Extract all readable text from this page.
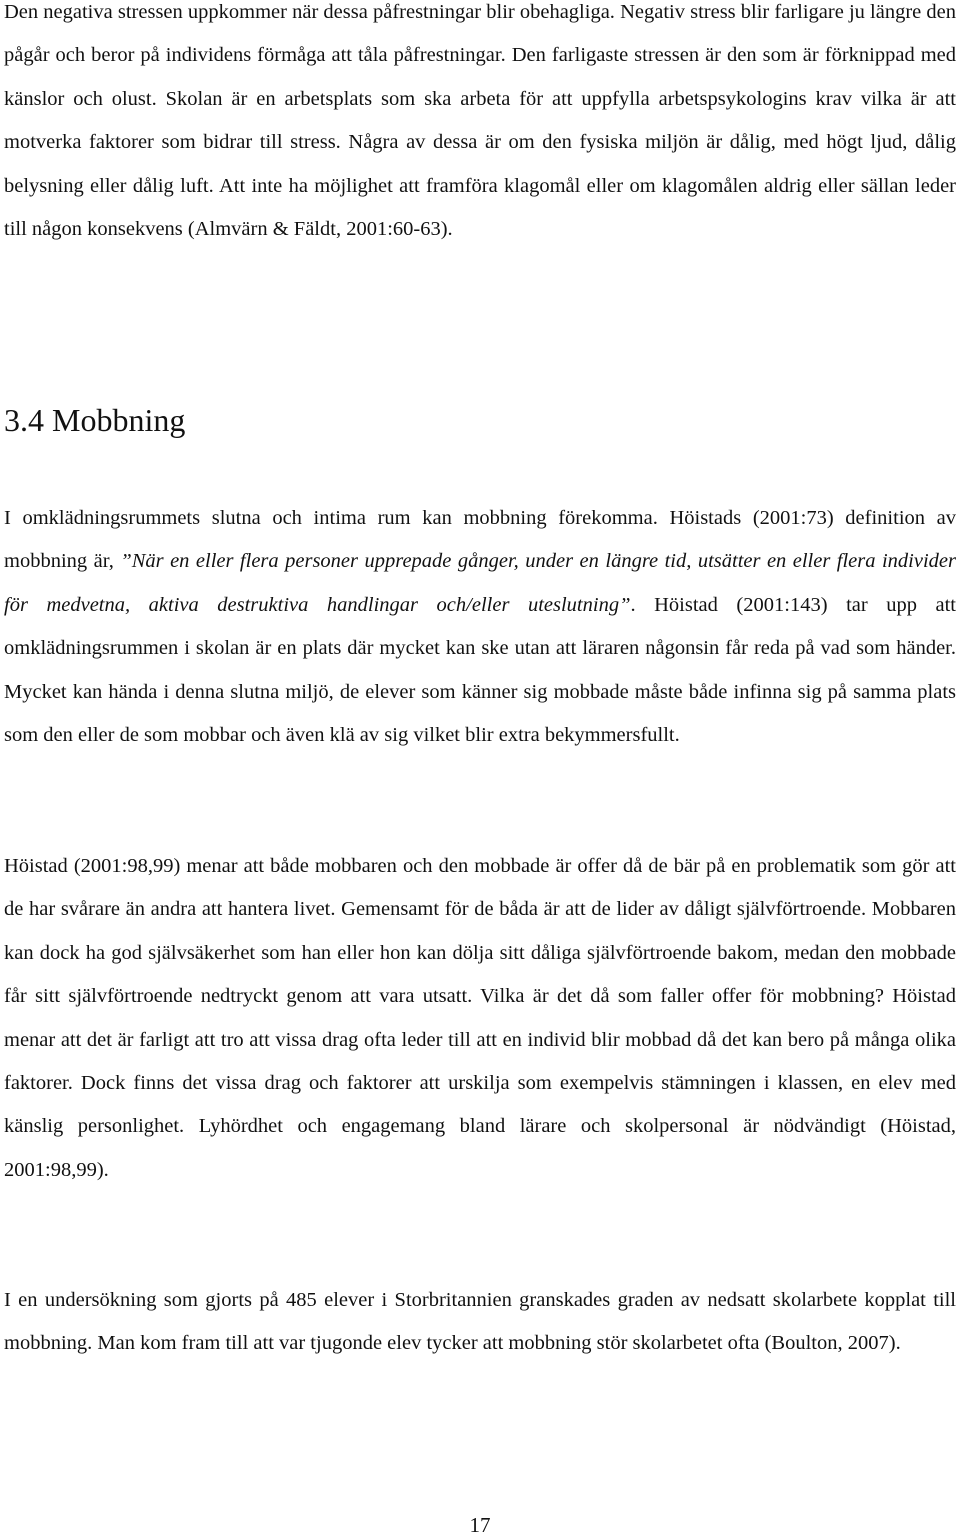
Den negativa stressen uppkommer när dessa påfrestningar blir obehagliga. Negativ stress blir farligare ju längre den pågår och beror på individens förmåga att tåla påfrestningar. Den farligaste stressen är den som är förknippad med känslor och olust. Skolan är en arbetsplats som ska arbeta för att uppfylla arbetspsykologins krav vilka är att motverka faktorer som bidrar till stress. Några av dessa är om den fysiska miljön är dålig, med högt ljud, dålig belysning eller dålig luft. Att inte ha möjlighet att framföra klagomål eller om klagomålen aldrig eller sällan leder till någon konsekvens (Almvärn & Fäldt, 2001:60-63).

3.4 Mobbning

I omklädningsrummets slutna och intima rum kan mobbning förekomma. Höistads (2001:73) definition av mobbning är, ”När en eller flera personer upprepade gånger, under en längre tid, utsätter en eller flera individer för medvetna, aktiva destruktiva handlingar och/eller uteslutning”. Höistad (2001:143) tar upp att omklädningsrummen i skolan är en plats där mycket kan ske utan att läraren någonsin får reda på vad som händer. Mycket kan hända i denna slutna miljö, de elever som känner sig mobbade måste både infinna sig på samma plats som den eller de som mobbar och även klä av sig vilket blir extra bekymmersfullt.

Höistad (2001:98,99) menar att både mobbaren och den mobbade är offer då de bär på en problematik som gör att de har svårare än andra att hantera livet. Gemensamt för de båda är att de lider av dåligt självförtroende. Mobbaren kan dock ha god självsäkerhet som han eller hon kan dölja sitt dåliga självförtroende bakom, medan den mobbade får sitt självförtroende nedtryckt genom att vara utsatt. Vilka är det då som faller offer för mobbning? Höistad menar att det är farligt att tro att vissa drag ofta leder till att en individ blir mobbad då det kan bero på många olika faktorer. Dock finns det vissa drag och faktorer att urskilja som exempelvis stämningen i klassen, en elev med känslig personlighet. Lyhördhet och engagemang bland lärare och skolpersonal är nödvändigt (Höistad, 2001:98,99).

I en undersökning som gjorts på 485 elever i Storbritannien granskades graden av nedsatt skolarbete kopplat till mobbning. Man kom fram till att var tjugonde elev tycker att mobbning stör skolarbetet ofta (Boulton, 2007).

17
